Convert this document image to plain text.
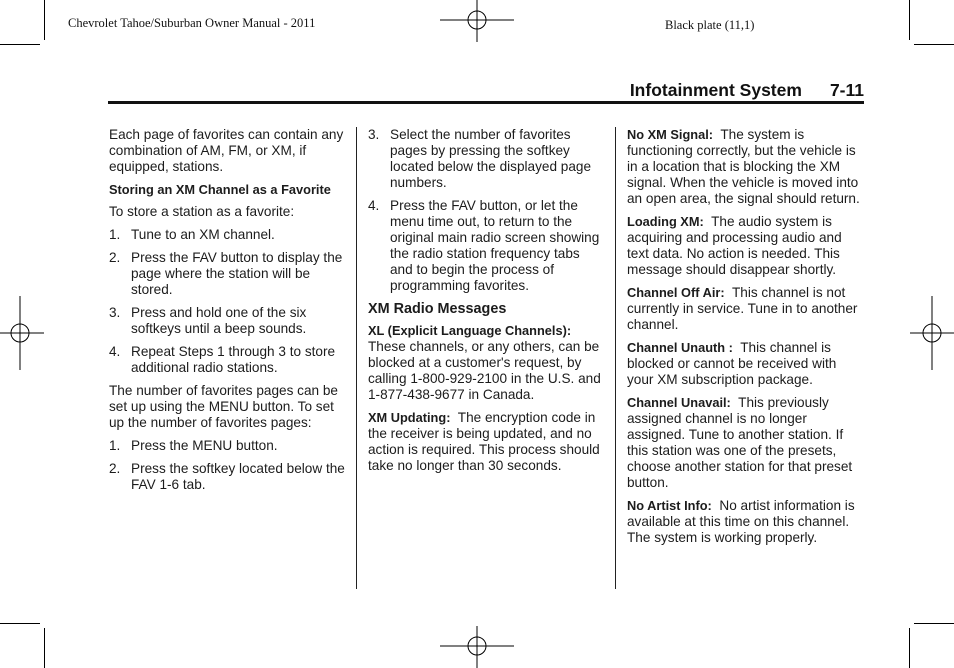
Chevrolet Tahoe/Suburban Owner Manual - 2011	Black plate (11,1)
Infotainment System 7-11

Each page of favorites can contain any combination of AM, FM, or XM, if equipped, stations.

Storing an XM Channel as a Favorite

To store a station as a favorite:

1. Tune to an XM channel.
2. Press the FAV button to display the page where the station will be stored.
3. Press and hold one of the six softkeys until a beep sounds.
4. Repeat Steps 1 through 3 to store additional radio stations.

The number of favorites pages can be set up using the MENU button. To set up the number of favorites pages:

1. Press the MENU button.
2. Press the softkey located below the FAV 1-6 tab.
3. Select the number of favorites pages by pressing the softkey located below the displayed page numbers.
4. Press the FAV button, or let the menu time out, to return to the original main radio screen showing the radio station frequency tabs and to begin the process of programming favorites.
XM Radio Messages

XL (Explicit Language Channels):  These channels, or any others, can be blocked at a customer's request, by calling 1-800-929-2100 in the U.S. and 1-877-438-9677 in Canada.

XM Updating: The encryption code in the receiver is being updated, and no action is required. This process should take no longer than 30 seconds.

No XM Signal: The system is functioning correctly, but the vehicle is in a location that is blocking the XM signal. When the vehicle is moved into an open area, the signal should return.

Loading XM: The audio system is acquiring and processing audio and text data. No action is needed. This message should disappear shortly.

Channel Off Air: This channel is not currently in service. Tune in to another channel.

Channel Unauth : This channel is blocked or cannot be received with your XM subscription package.

Channel Unavail: This previously assigned channel is no longer assigned. Tune to another station. If this station was one of the presets, choose another station for that preset button.

No Artist Info: No artist information is available at this time on this channel. The system is working properly.
